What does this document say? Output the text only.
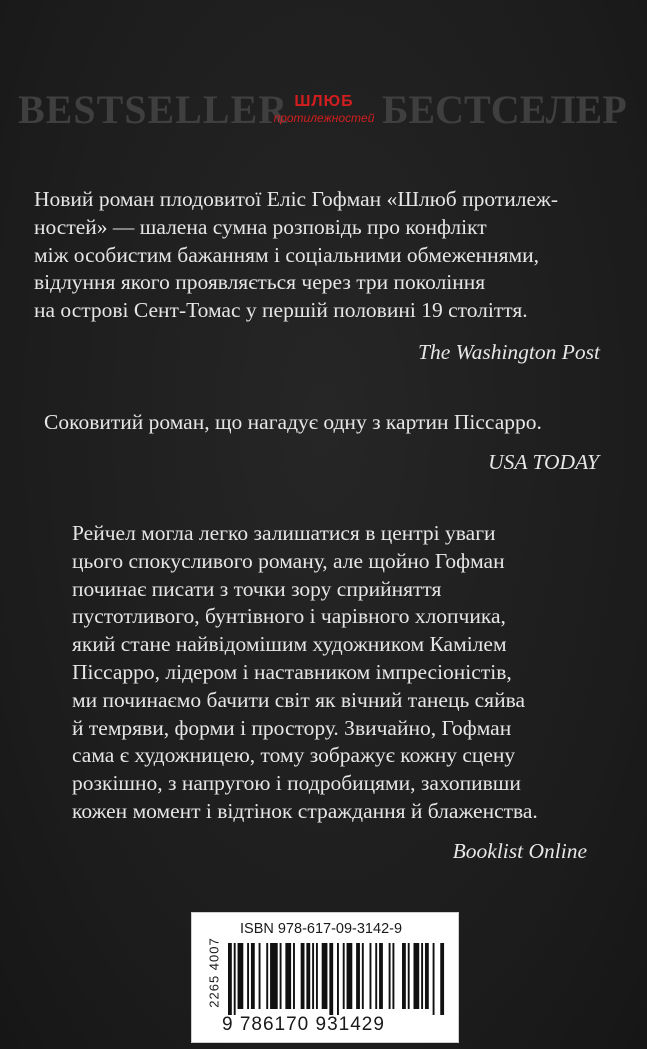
BESTSELLER ШЛЮБ
протилежностей БЕСТСЕЛЕР
Новий роман плодовитої Еліс Гофман «Шлюб протилеж-
ностей» — шалена сумна розповідь про конфлікт
між особистим бажанням і соціальними обмеженнями,
відлуння якого проявляється через три покоління
на острові Сент-Томас у першій половині 19 століття.
The Washington Post
Соковитий роман, що нагадує одну з картин Піссарро.
USA TODAY
Рейчел могла легко залишатися в центрі уваги
цього спокусливого роману, але щойно Гофман
починає писати з точки зору сприйняття
пустотливого, бунтівного і чарівного хлопчика,
який стане найвідомішим художником Камілем
Піссарро, лідером і наставником імпресіоністів,
ми починаємо бачити світ як вічний танець сяйва
й темряви, форми і простору. Звичайно, Гофман
сама є художницею, тому зображує кожну сцену
розкішно, з напругою і подробицями, захопивши
кожен момент і відтінок страждання й блаженства.
Booklist Online
ISBN 978-617-09-3142-9
2265 4007
9 786170 931429
